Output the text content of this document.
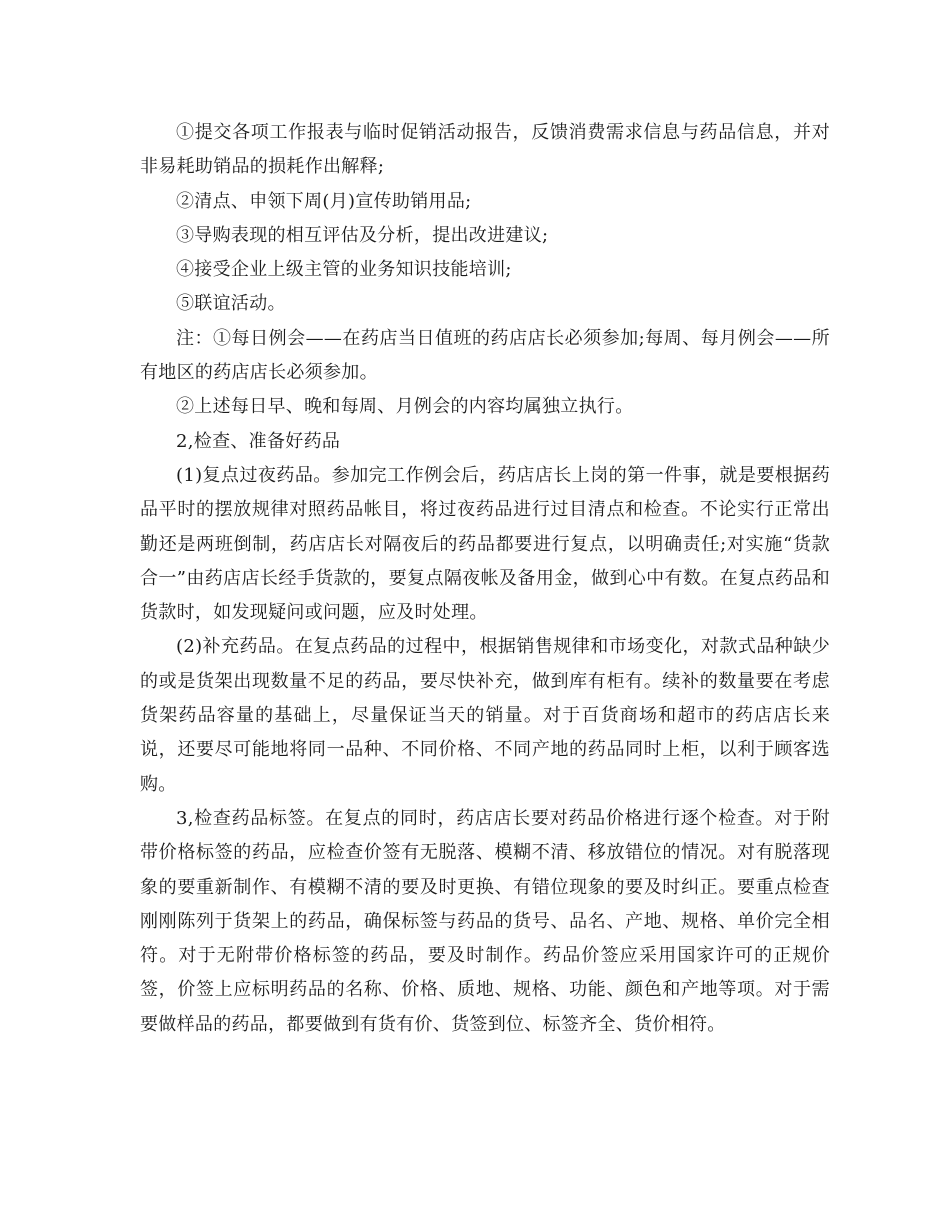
①提交各项工作报表与临时促销活动报告，反馈消费需求信息与药品信息，并对非易耗助销品的损耗作出解释;

②清点、申领下周(月)宣传助销用品;

③导购表现的相互评估及分析，提出改进建议;

④接受企业上级主管的业务知识技能培训;

⑤联谊活动。

注：①每日例会——在药店当日值班的药店店长必须参加;每周、每月例会——所有地区的药店店长必须参加。

②上述每日早、晚和每周、月例会的内容均属独立执行。

2,检查、准备好药品

(1)复点过夜药品。参加完工作例会后，药店店长上岗的第一件事，就是要根据药品平时的摆放规律对照药品帐目，将过夜药品进行过目清点和检查。不论实行正常出勤还是两班倒制，药店店长对隔夜后的药品都要进行复点，以明确责任;对实施“货款合一”由药店店长经手货款的，要复点隔夜帐及备用金，做到心中有数。在复点药品和货款时，如发现疑问或问题，应及时处理。

(2)补充药品。在复点药品的过程中，根据销售规律和市场变化，对款式品种缺少的或是货架出现数量不足的药品，要尽快补充，做到库有柜有。续补的数量要在考虑货架药品容量的基础上，尽量保证当天的销量。对于百货商场和超市的药店店长来说，还要尽可能地将同一品种、不同价格、不同产地的药品同时上柜，以利于顾客选购。

3,检查药品标签。在复点的同时，药店店长要对药品价格进行逐个检查。对于附带价格标签的药品，应检查价签有无脱落、模糊不清、移放错位的情况。对有脱落现象的要重新制作、有模糊不清的要及时更换、有错位现象的要及时纠正。要重点检查刚刚陈列于货架上的药品，确保标签与药品的货号、品名、产地、规格、单价完全相符。对于无附带价格标签的药品，要及时制作。药品价签应采用国家许可的正规价签，价签上应标明药品的名称、价格、质地、规格、功能、颜色和产地等项。对于需要做样品的药品，都要做到有货有价、货签到位、标签齐全、货价相符。
